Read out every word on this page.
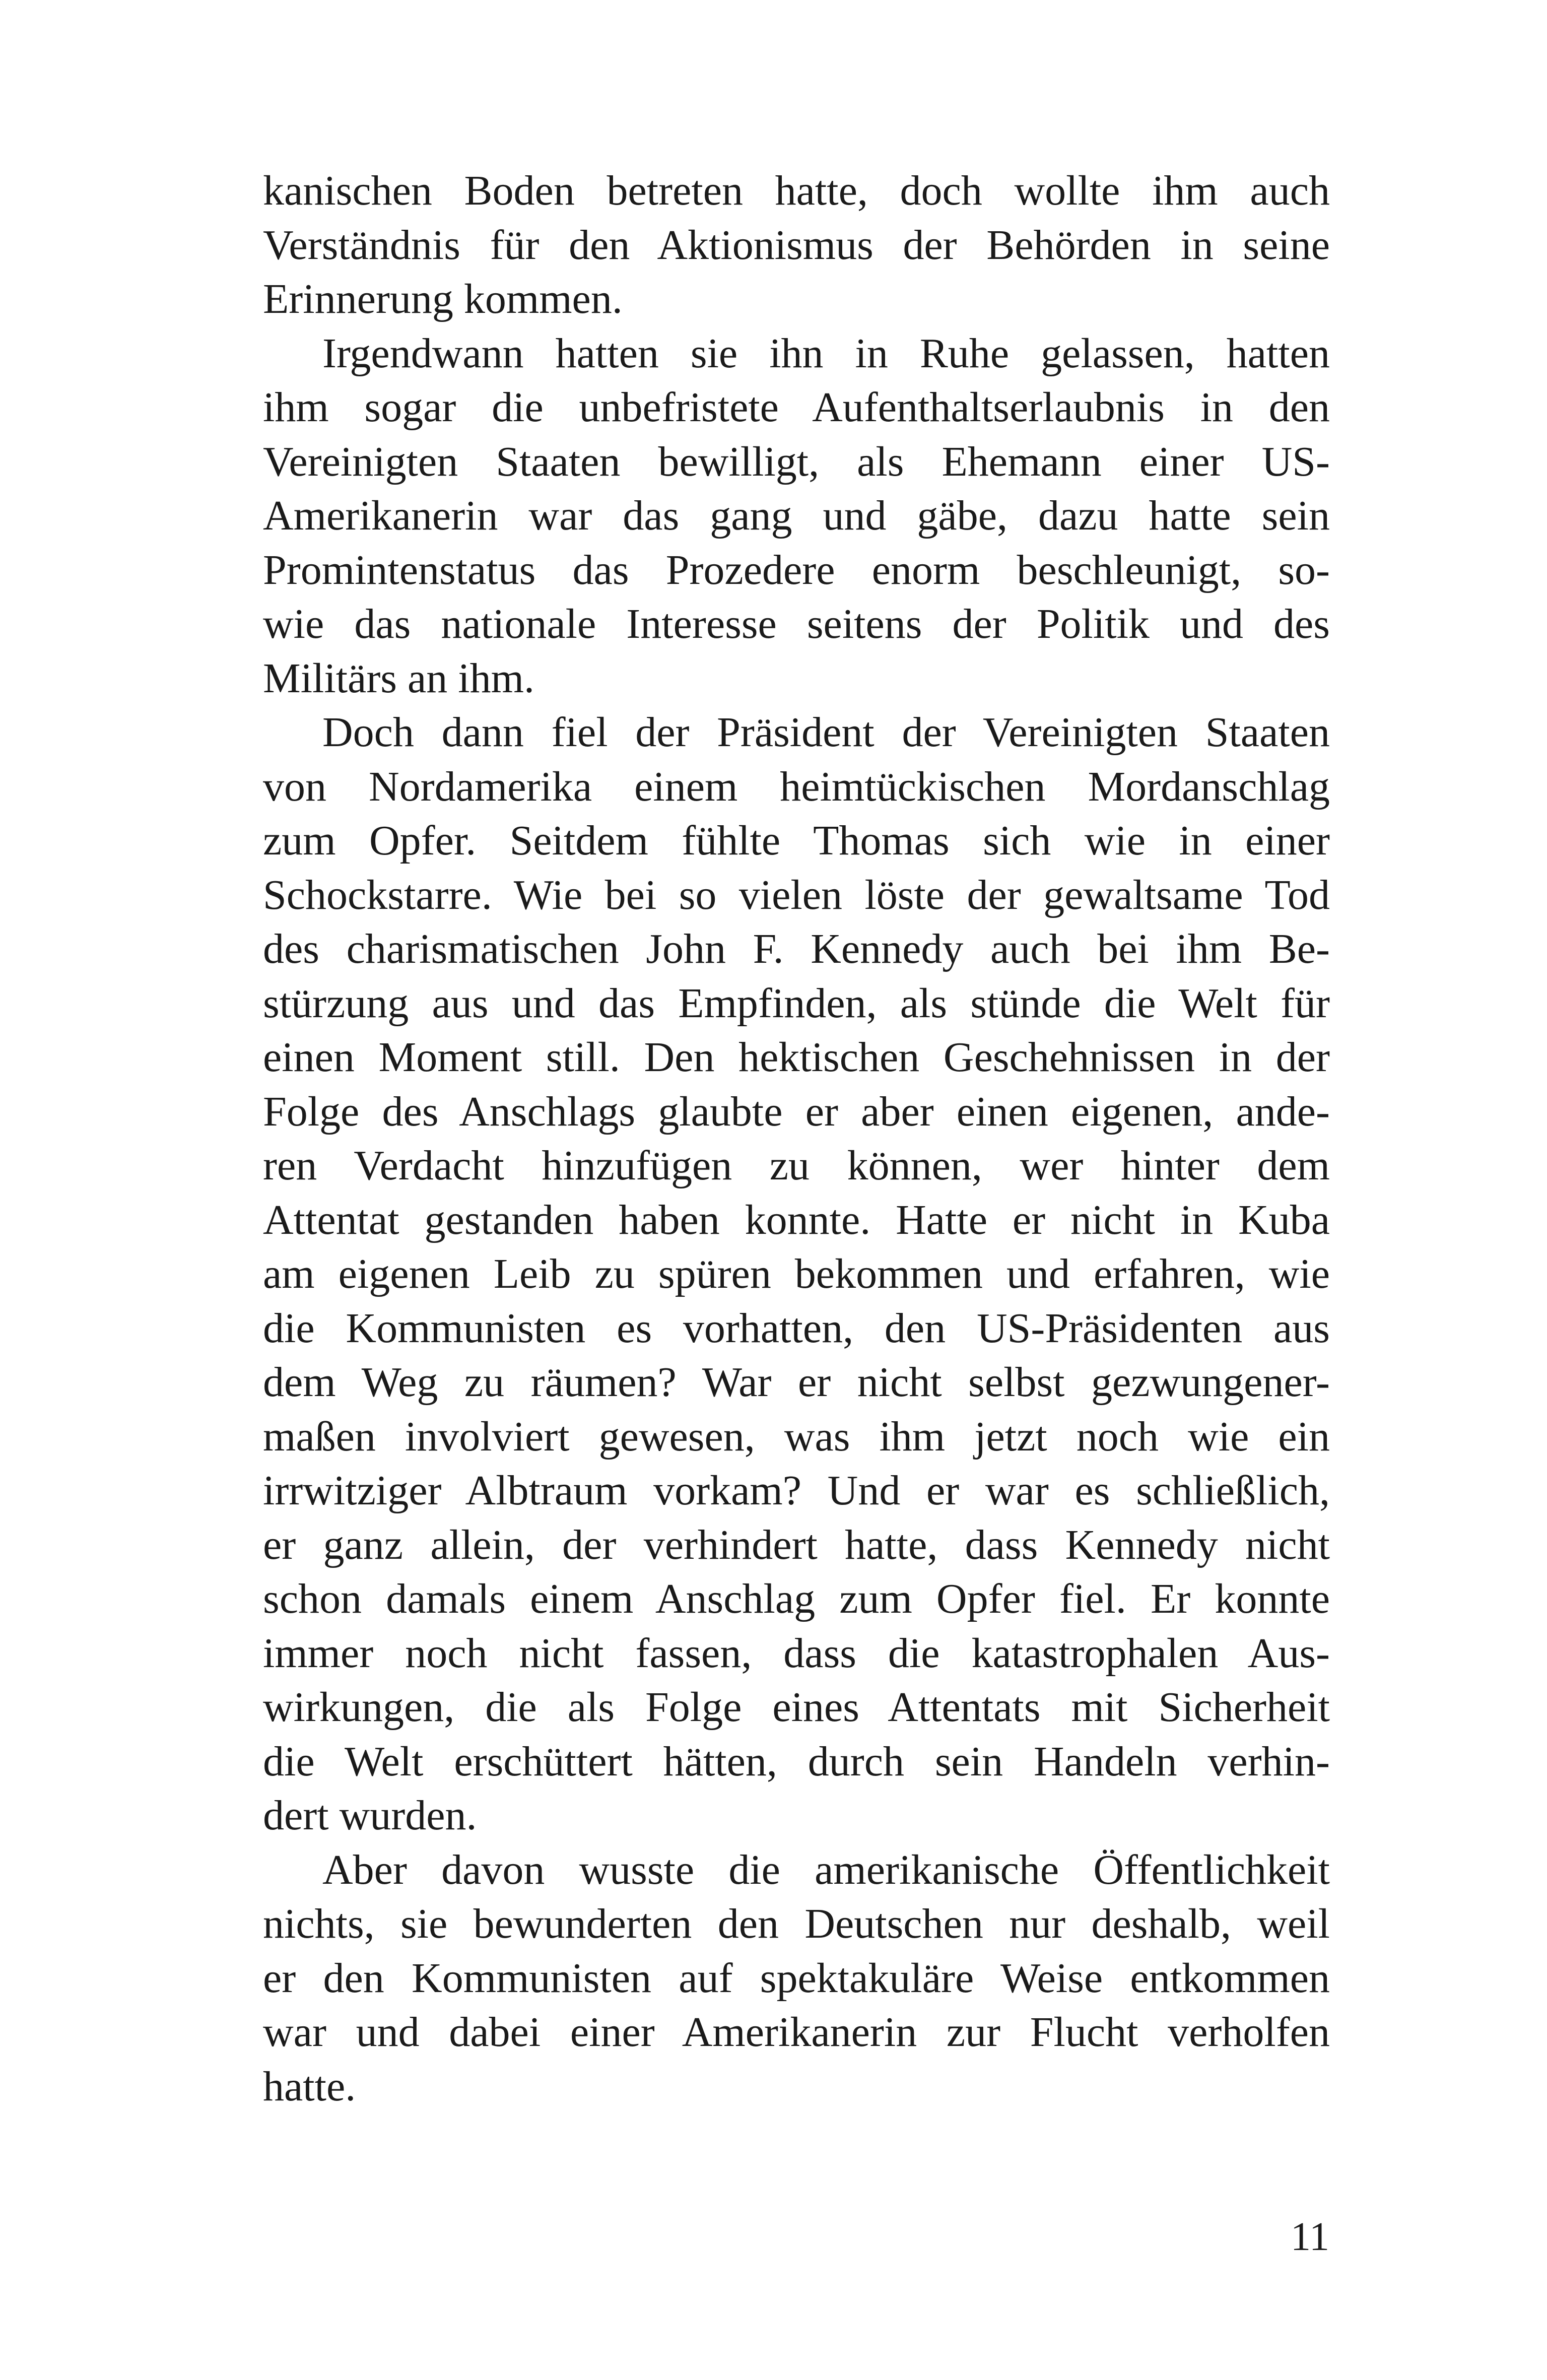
kanischen Boden betreten hatte, doch wollte ihm auch
Verständnis für den Aktionismus der Behörden in seine
Erinnerung kommen.
Irgendwann hatten sie ihn in Ruhe gelassen, hatten
ihm sogar die unbefristete Aufenthaltserlaubnis in den
Vereinigten Staaten bewilligt, als Ehemann einer US-
Amerikanerin war das gang und gäbe, dazu hatte sein
Promintenstatus das Prozedere enorm beschleunigt, so-
wie das nationale Interesse seitens der Politik und des
Militärs an ihm.
Doch dann fiel der Präsident der Vereinigten Staaten
von Nordamerika einem heimtückischen Mordanschlag
zum Opfer. Seitdem fühlte Thomas sich wie in einer
Schockstarre. Wie bei so vielen löste der gewaltsame Tod
des charismatischen John F. Kennedy auch bei ihm Be-
stürzung aus und das Empfinden, als stünde die Welt für
einen Moment still. Den hektischen Geschehnissen in der
Folge des Anschlags glaubte er aber einen eigenen, ande-
ren Verdacht hinzufügen zu können, wer hinter dem
Attentat gestanden haben konnte. Hatte er nicht in Kuba
am eigenen Leib zu spüren bekommen und erfahren, wie
die Kommunisten es vorhatten, den US-Präsidenten aus
dem Weg zu räumen? War er nicht selbst gezwungener-
maßen involviert gewesen, was ihm jetzt noch wie ein
irrwitziger Albtraum vorkam? Und er war es schließlich,
er ganz allein, der verhindert hatte, dass Kennedy nicht
schon damals einem Anschlag zum Opfer fiel. Er konnte
immer noch nicht fassen, dass die katastrophalen Aus-
wirkungen, die als Folge eines Attentats mit Sicherheit
die Welt erschüttert hätten, durch sein Handeln verhin-
dert wurden.
Aber davon wusste die amerikanische Öffentlichkeit
nichts, sie bewunderten den Deutschen nur deshalb, weil
er den Kommunisten auf spektakuläre Weise entkommen
war und dabei einer Amerikanerin zur Flucht verholfen
hatte.
11
